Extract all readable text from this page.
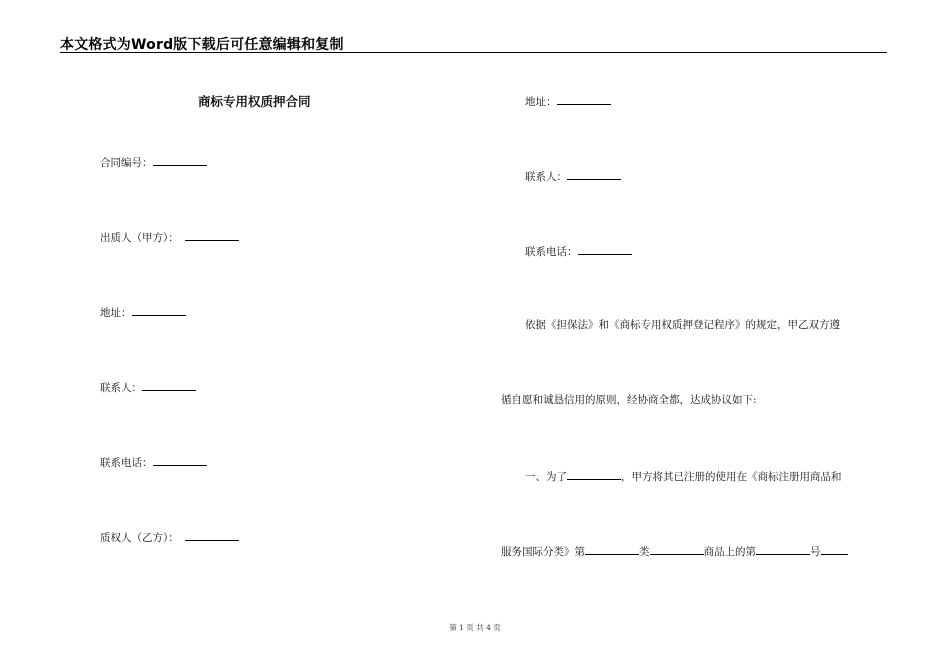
本文格式为Word版下载后可任意编辑和复制
商标专用权质押合同
合同编号：
出质人（甲方）：
地址：
联系人：
联系电话：
质权人（乙方）：
地址：
联系人：
联系电话：
依据《担保法》和《商标专用权质押登记程序》的规定，甲乙双方遵
循自愿和诚恳信用的原则，经协商全都，达成协议如下:
一、为了	，甲方将其已注册的使用在《商标注册用商品和
服务国际分类》第	类	商品上的第	号
第 1 页 共 4 页
